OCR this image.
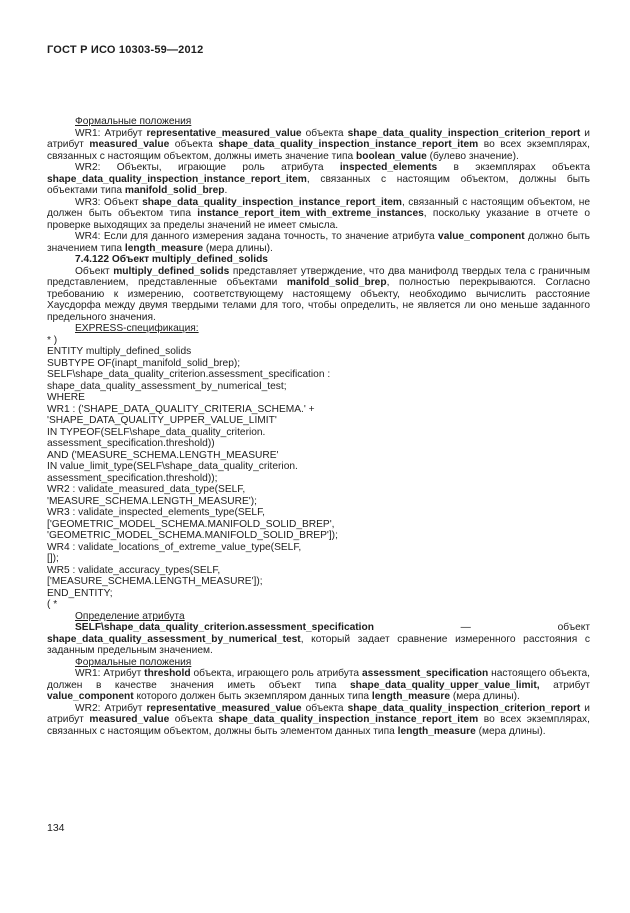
ГОСТ Р ИСО 10303-59—2012
Формальные положения
WR1: Атрибут representative_measured_value объекта shape_data_quality_inspection_criterion_report и атрибут measured_value объекта shape_data_quality_inspection_instance_report_item во всех экземплярах, связанных с настоящим объектом, должны иметь значение типа boolean_value (булево значение).
WR2: Объекты, играющие роль атрибута inspected_elements в экземплярах объекта shape_data_quality_inspection_instance_report_item, связанных с настоящим объектом, должны быть объектами типа manifold_solid_brep.
WR3: Объект shape_data_quality_inspection_instance_report_item, связанный с настоящим объектом, не должен быть объектом типа instance_report_item_with_extreme_instances, поскольку указание в отчете о проверке выходящих за пределы значений не имеет смысла.
WR4: Если для данного измерения задана точность, то значение атрибута value_component должно быть значением типа length_measure (мера длины).
7.4.122 Объект multiply_defined_solids
Объект multiply_defined_solids представляет утверждение, что два манифолд твердых тела с граничным представлением, представленные объектами manifold_solid_brep, полностью перекрываются. Согласно требованию к измерению, соответствующему настоящему объекту, необходимо вычислить расстояние Хаусдорфа между двумя твердыми телами для того, чтобы определить, не является ли оно меньше заданного предельного значения.
EXPRESS-спецификация:
* )
ENTITY multiply_defined_solids
SUBTYPE OF(inapt_manifold_solid_brep);
SELF\shape_data_quality_criterion.assessment_specification :
shape_data_quality_assessment_by_numerical_test;
WHERE
WR1 : ('SHAPE_DATA_QUALITY_CRITERIA_SCHEMA.' +
'SHAPE_DATA_QUALITY_UPPER_VALUE_LIMIT'
IN TYPEOF(SELF\shape_data_quality_criterion.
assessment_specification.threshold))
AND ('MEASURE_SCHEMA.LENGTH_MEASURE'
IN value_limit_type(SELF\shape_data_quality_criterion.
assessment_specification.threshold));
WR2 : validate_measured_data_type(SELF,
'MEASURE_SCHEMA.LENGTH_MEASURE');
WR3 : validate_inspected_elements_type(SELF,
['GEOMETRIC_MODEL_SCHEMA.MANIFOLD_SOLID_BREP',
'GEOMETRIC_MODEL_SCHEMA.MANIFOLD_SOLID_BREP']);
WR4 : validate_locations_of_extreme_value_type(SELF,
[]);
WR5 : validate_accuracy_types(SELF,
['MEASURE_SCHEMA.LENGTH_MEASURE']);
END_ENTITY;
( *
Определение атрибута
SELF\shape_data_quality_criterion.assessment_specification — объект shape_data_quality_assessment_by_numerical_test, который задает сравнение измеренного расстояния с заданным предельным значением.
Формальные положения
WR1: Атрибут threshold объекта, играющего роль атрибута assessment_specification настоящего объекта, должен в качестве значения иметь объект типа shape_data_quality_upper_value_limit, атрибут value_component которого должен быть экземпляром данных типа length_measure (мера длины).
WR2: Атрибут representative_measured_value объекта shape_data_quality_inspection_criterion_report и атрибут measured_value объекта shape_data_quality_inspection_instance_report_item во всех экземплярах, связанных с настоящим объектом, должны быть элементом данных типа length_measure (мера длины).
134
